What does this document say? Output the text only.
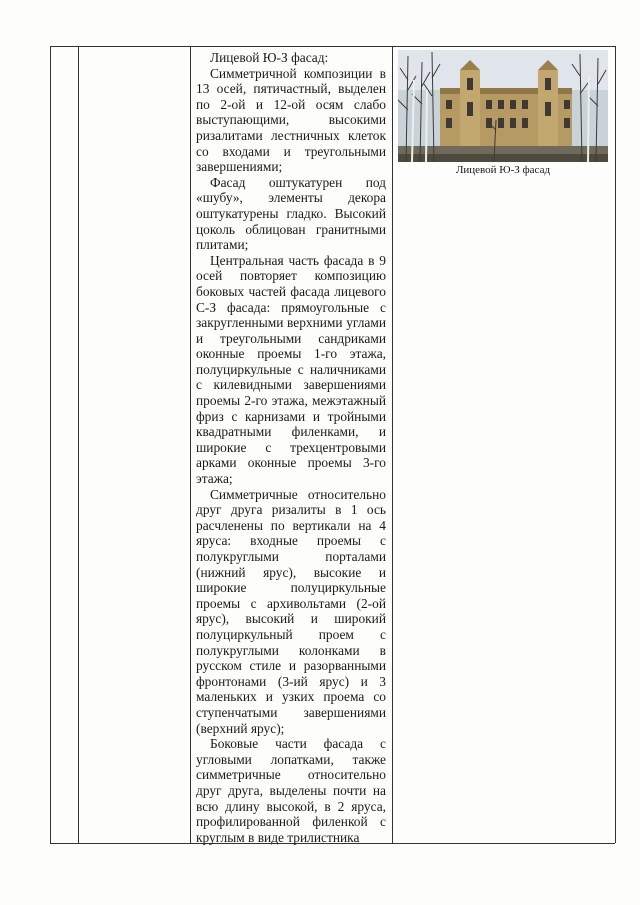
Лицевой Ю-З фасад:

Симметричной композиции в 13 осей, пятичастный, выделен по 2-ой и 12-ой осям слабо выступающими, высокими ризалитами лестничных клеток со входами и треугольными завершениями;

Фасад оштукатурен под «шубу», элементы декора оштукатурены гладко. Высокий цоколь облицован гранитными плитами;

Центральная часть фасада в 9 осей повторяет композицию боковых частей фасада лицевого С-З фасада: прямоугольные с закругленными верхними углами и треугольными сандриками оконные проемы 1-го этажа, полуциркульные с наличниками с килевидными завершениями проемы 2-го этажа, межэтажный фриз с карнизами и тройными квадратными филенками, и широкие с трехцентровыми арками оконные проемы 3-го этажа;

Симметричные относительно друг друга ризалиты в 1 ось расчленены по вертикали на 4 яруса: входные проемы с полукруглыми порталами (нижний ярус), высокие и широкие полуциркульные проемы с архивольтами (2-ой ярус), высокий и широкий полуциркульный проем с полукруглыми колонками в русском стиле и разорванными фронтонами (3-ий ярус) и 3 маленьких и узких проема со ступенчатыми завершениями (верхний ярус);

Боковые части фасада с угловыми лопатками, также симметричные относительно друг друга, выделены почти на всю длину высокой, в 2 яруса, профилированной филенкой с круглым в виде трилистника

Лицевой Ю-З фасад
